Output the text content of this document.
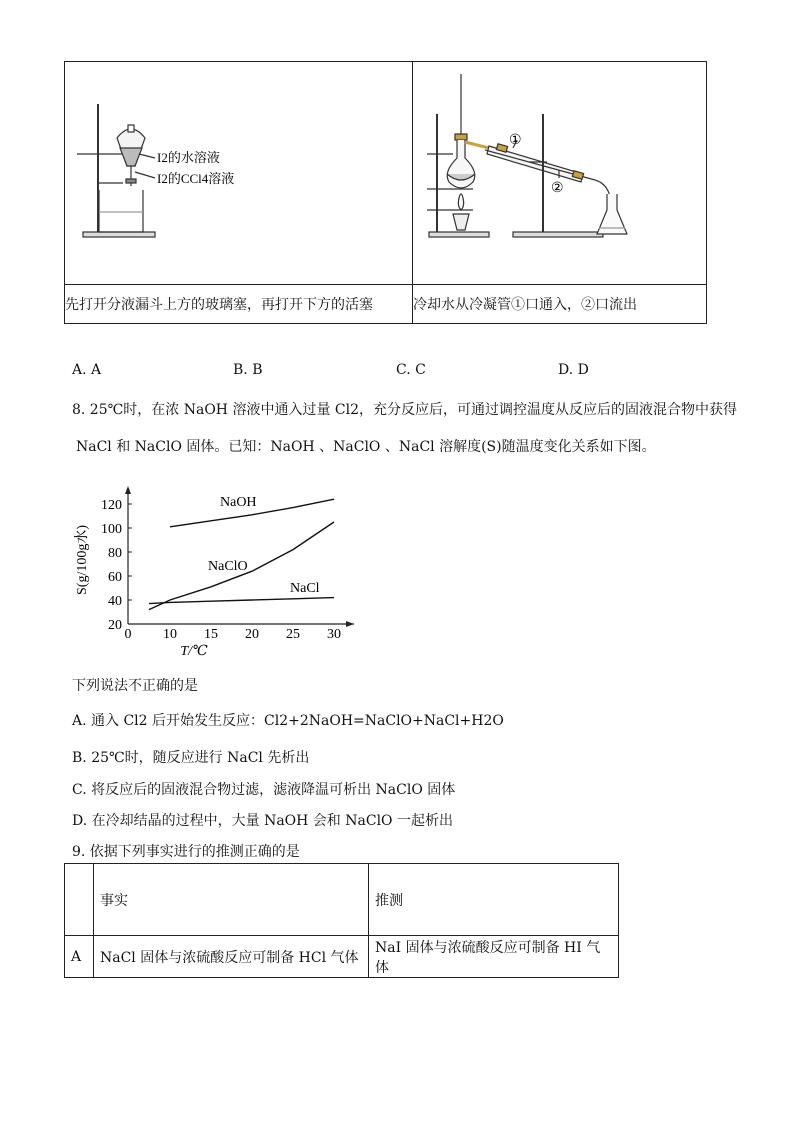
I2的水溶液
I2的CCl4溶液	①
②

先打开分液漏斗上方的玻璃塞，再打开下方的活塞	冷却水从冷凝管①口通入，②口流出
A. A	B. B	C. C	D. D
8. 25℃时，在浓 NaOH 溶液中通入过量 Cl2，充分反应后，可通过调控温度从反应后的固液混合物中获得
NaCl 和 NaClO 固体。已知：NaOH 、NaClO 、NaCl 溶解度(S)随温度变化关系如下图。
0 10 15 20 25 30
20
40
60
80
100
120
T/℃
S(g/100g水)
NaOH
NaClO
NaCl
下列说法不正确的是
A. 通入 Cl2 后开始发生反应：Cl2+2NaOH=NaClO+NaCl+H2O
B. 25℃时，随反应进行 NaCl 先析出
C. 将反应后的固液混合物过滤，滤液降温可析出 NaClO 固体
D. 在冷却结晶的过程中，大量 NaOH 会和 NaClO 一起析出
9. 依据下列事实进行的推测正确的是
	事实	推测
A	NaCl 固体与浓硫酸反应可制备 HCl 气体	NaI 固体与浓硫酸反应可制备 HI 气体
